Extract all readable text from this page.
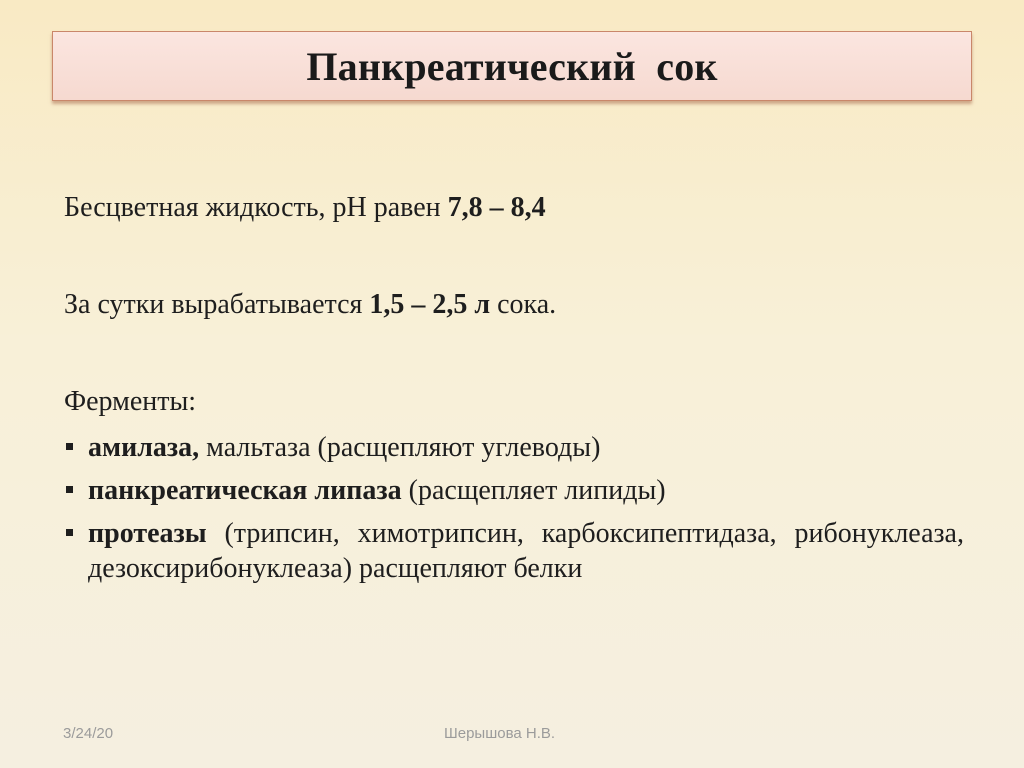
Панкреатический  сок

Бесцветная жидкость, pH равен 7,8 – 8,4

За сутки вырабатывается 1,5 – 2,5 л сока.

Ферменты:

амилаза, мальтаза (расщепляют углеводы)
панкреатическая липаза (расщепляет липиды)
протеазы (трипсин, химотрипсин, карбоксипептидаза, рибонуклеаза, дезоксирибонуклеаза) расщепляют белки
3/24/20	Шерышова Н.В.
